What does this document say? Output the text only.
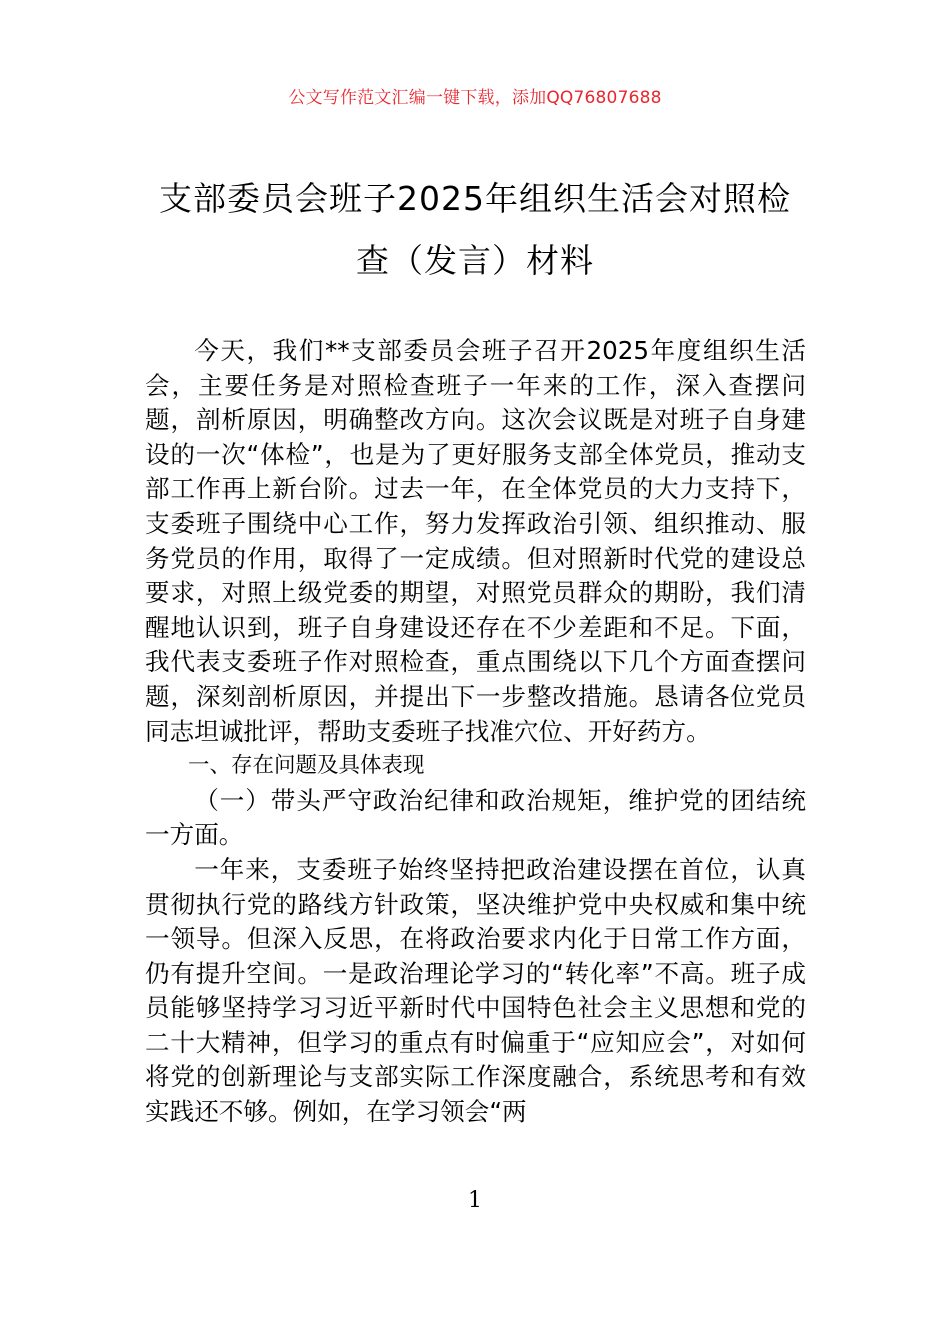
公文写作范文汇编一键下载，添加QQ76807688
支部委员会班子2025年组织生活会对照检
查（发言）材料

今天，我们**支部委员会班子召开2025年度组织生活会，主要任务是对照检查班子一年来的工作，深入查摆问题，剖析原因，明确整改方向。这次会议既是对班子自身建设的一次“体检”，也是为了更好服务支部全体党员，推动支部工作再上新台阶。过去一年，在全体党员的大力支持下，支委班子围绕中心工作，努力发挥政治引领、组织推动、服务党员的作用，取得了一定成绩。但对照新时代党的建设总要求，对照上级党委的期望，对照党员群众的期盼，我们清醒地认识到，班子自身建设还存在不少差距和不足。下面，我代表支委班子作对照检查，重点围绕以下几个方面查摆问题，深刻剖析原因，并提出下一步整改措施。恳请各位党员同志坦诚批评，帮助支委班子找准穴位、开好药方。

一、存在问题及具体表现

（一）带头严守政治纪律和政治规矩，维护党的团结统一方面。

一年来，支委班子始终坚持把政治建设摆在首位，认真贯彻执行党的路线方针政策，坚决维护党中央权威和集中统一领导。但深入反思，在将政治要求内化于日常工作方面，仍有提升空间。一是政治理论学习的“转化率”不高。班子成员能够坚持学习习近平新时代中国特色社会主义思想和党的二十大精神，但学习的重点有时偏重于“应知应会”，对如何将党的创新理论与支部实际工作深度融合，系统思考和有效实践还不够。例如，在学习领会“两

1
